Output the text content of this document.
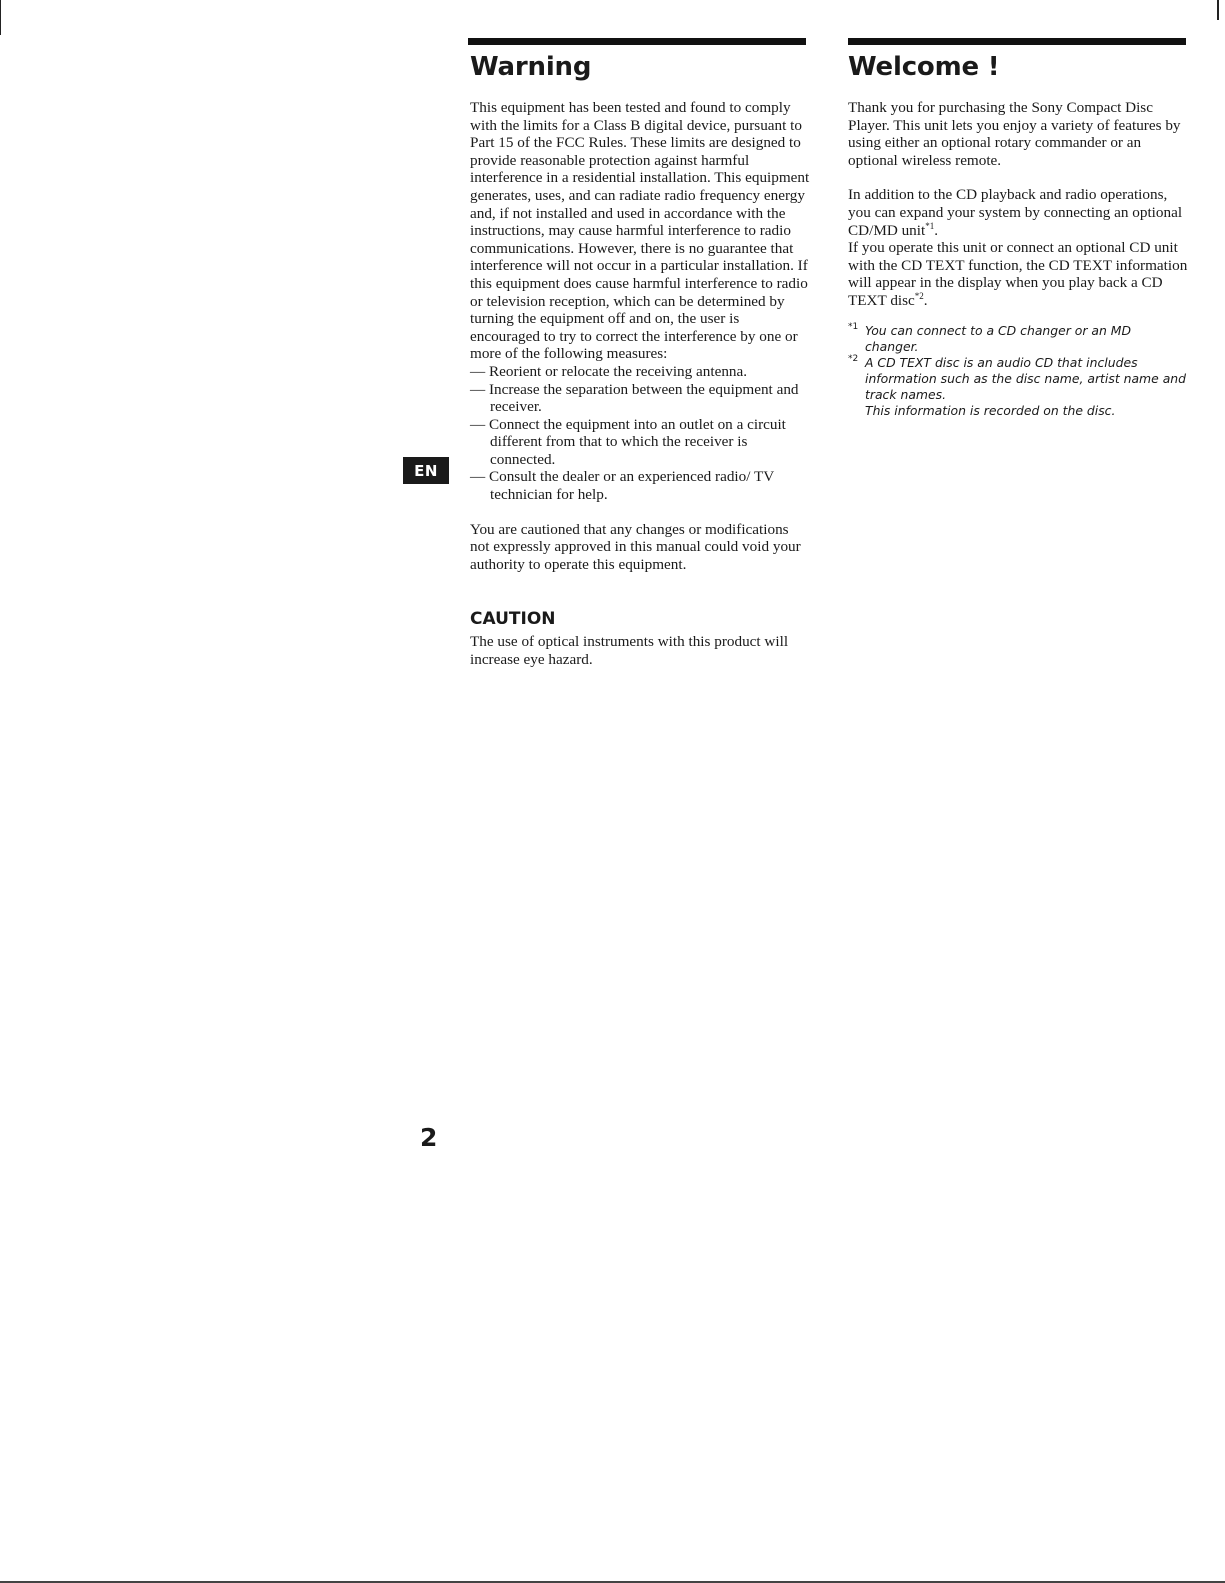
EN
Warning

This equipment has been tested and found to comply with the limits for a Class B digital device, pursuant to Part 15 of the FCC Rules. These limits are designed to provide reasonable protection against harmful interference in a residential installation. This equipment generates, uses, and can radiate radio frequency energy and, if not installed and used in accordance with the instructions, may cause harmful interference to radio communications. However, there is no guarantee that interference will not occur in a particular installation. If this equipment does cause harmful interference to radio or television reception, which can be determined by turning the equipment off and on, the user is encouraged to try to correct the interference by one or more of the following measures:

— Reorient or relocate the receiving antenna.
— Increase the separation between the equipment and receiver.
— Connect the equipment into an outlet on a circuit different from that to which the receiver is connected.
— Consult the dealer or an experienced radio/ TV technician for help.

You are cautioned that any changes or modifications not expressly approved in this manual could void your authority to operate this equipment.

CAUTION

The use of optical instruments with this product will increase eye hazard.

Welcome !

Thank you for purchasing the Sony Compact Disc Player. This unit lets you enjoy a variety of features by using either an optional rotary commander or an optional wireless remote.

In addition to the CD playback and radio operations, you can expand your system by connecting an optional CD/MD unit$^{*1}$.
If you operate this unit or connect an optional CD unit with the CD TEXT function, the CD TEXT information will appear in the display when you play back a CD TEXT disc$^{*2}$.

*1 You can connect to a CD changer or an MD changer.
*2 A CD TEXT disc is an audio CD that includes information such as the disc name, artist name and track names.
This information is recorded on the disc.
2
